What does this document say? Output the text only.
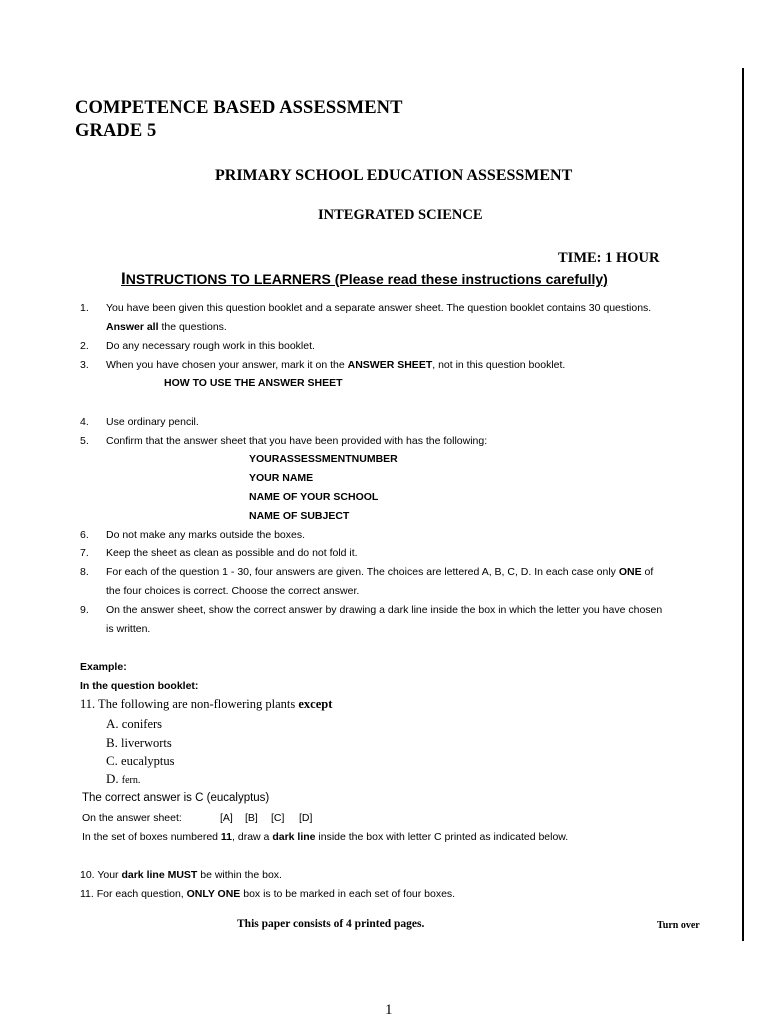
COMPETENCE BASED ASSESSMENT
GRADE 5
PRIMARY SCHOOL EDUCATION ASSESSMENT
INTEGRATED SCIENCE
TIME: 1 HOUR
INSTRUCTIONS TO LEARNERS (Please read these instructions carefully)
1. You have been given this question booklet and a separate answer sheet. The question booklet contains 30 questions.
Answer all the questions.
2. Do any necessary rough work in this booklet.
3. When you have chosen your answer, mark it on the ANSWER SHEET, not in this question booklet.
HOW TO USE THE ANSWER SHEET
4. Use ordinary pencil.
5. Confirm that the answer sheet that you have been provided with has the following:
YOURASSESSMENTNUMBER
YOUR NAME
NAME OF YOUR SCHOOL
NAME OF SUBJECT
6. Do not make any marks outside the boxes.
7. Keep the sheet as clean as possible and do not fold it.
8. For each of the question 1 - 30, four answers are given. The choices are lettered A, B, C, D. In each case only ONE of
the four choices is correct. Choose the correct answer.
9. On the answer sheet, show the correct answer by drawing a dark line inside the box in which the letter you have chosen
is written.
Example:
In the question booklet:
11. The following are non-flowering plants except
A. conifers
B. liverworts
C. eucalyptus
D. fern.
The correct answer is C (eucalyptus)
On the answer sheet:	[A] [B] [C] [D]
In the set of boxes numbered 11, draw a dark line inside the box with letter C printed as indicated below.
10. Your dark line MUST be within the box.
11. For each question, ONLY ONE box is to be marked in each set of four boxes.
This paper consists of 4 printed pages.	Turn over
1
